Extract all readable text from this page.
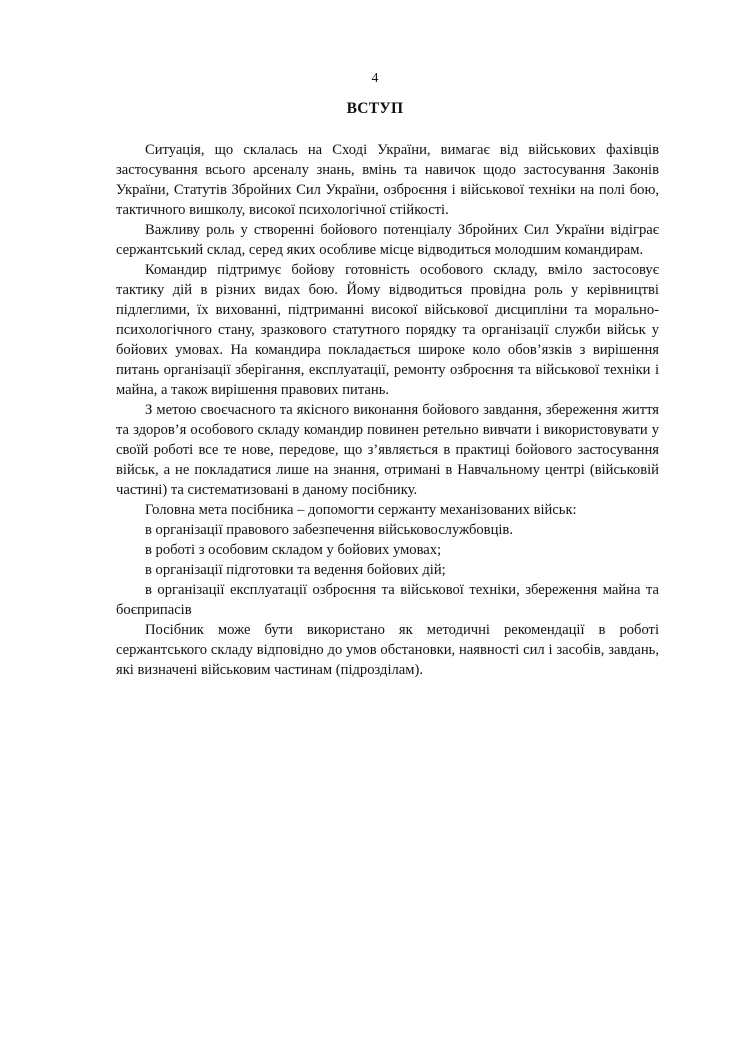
4
ВСТУП

Ситуація, що склалась на Сході України, вимагає від військових фахівців застосування всього арсеналу знань, вмінь та навичок щодо застосування Законів України, Статутів Збройних Сил України, озброєння і військової техніки на полі бою, тактичного вишколу, високої психологічної стійкості.

Важливу роль у створенні бойового потенціалу Збройних Сил України відіграє сержантський склад, серед яких особливе місце відводиться молодшим командирам.

Командир підтримує бойову готовність особового складу, вміло застосовує тактику дій в різних видах бою. Йому відводиться провідна роль у керівництві підлеглими, їх вихованні, підтриманні високої військової дисципліни та морально-психологічного стану, зразкового статутного порядку та організації служби військ у бойових умовах. На командира покладається широке коло обов’язків з вирішення питань організації зберігання, експлуатації, ремонту озброєння та військової техніки і майна, а також вирішення правових питань.

З метою своєчасного та якісного виконання бойового завдання, збереження життя та здоров’я особового складу командир повинен ретельно вивчати і використовувати у своїй роботі все те нове, передове, що з’являється в практиці бойового застосування військ, а не покладатися лише на знання, отримані в Навчальному центрі (військовій частині) та систематизовані в даному посібнику.

Головна мета посібника – допомогти сержанту механізованих військ:

в організації правового забезпечення військовослужбовців.

в роботі з особовим складом у бойових умовах;

в організації підготовки та ведення бойових дій;

в організації експлуатації озброєння та військової техніки, збереження майна та боєприпасів

Посібник може бути використано як методичні рекомендації в роботі сержантського складу відповідно до умов обстановки, наявності сил і засобів, завдань, які визначені військовим частинам (підрозділам).
